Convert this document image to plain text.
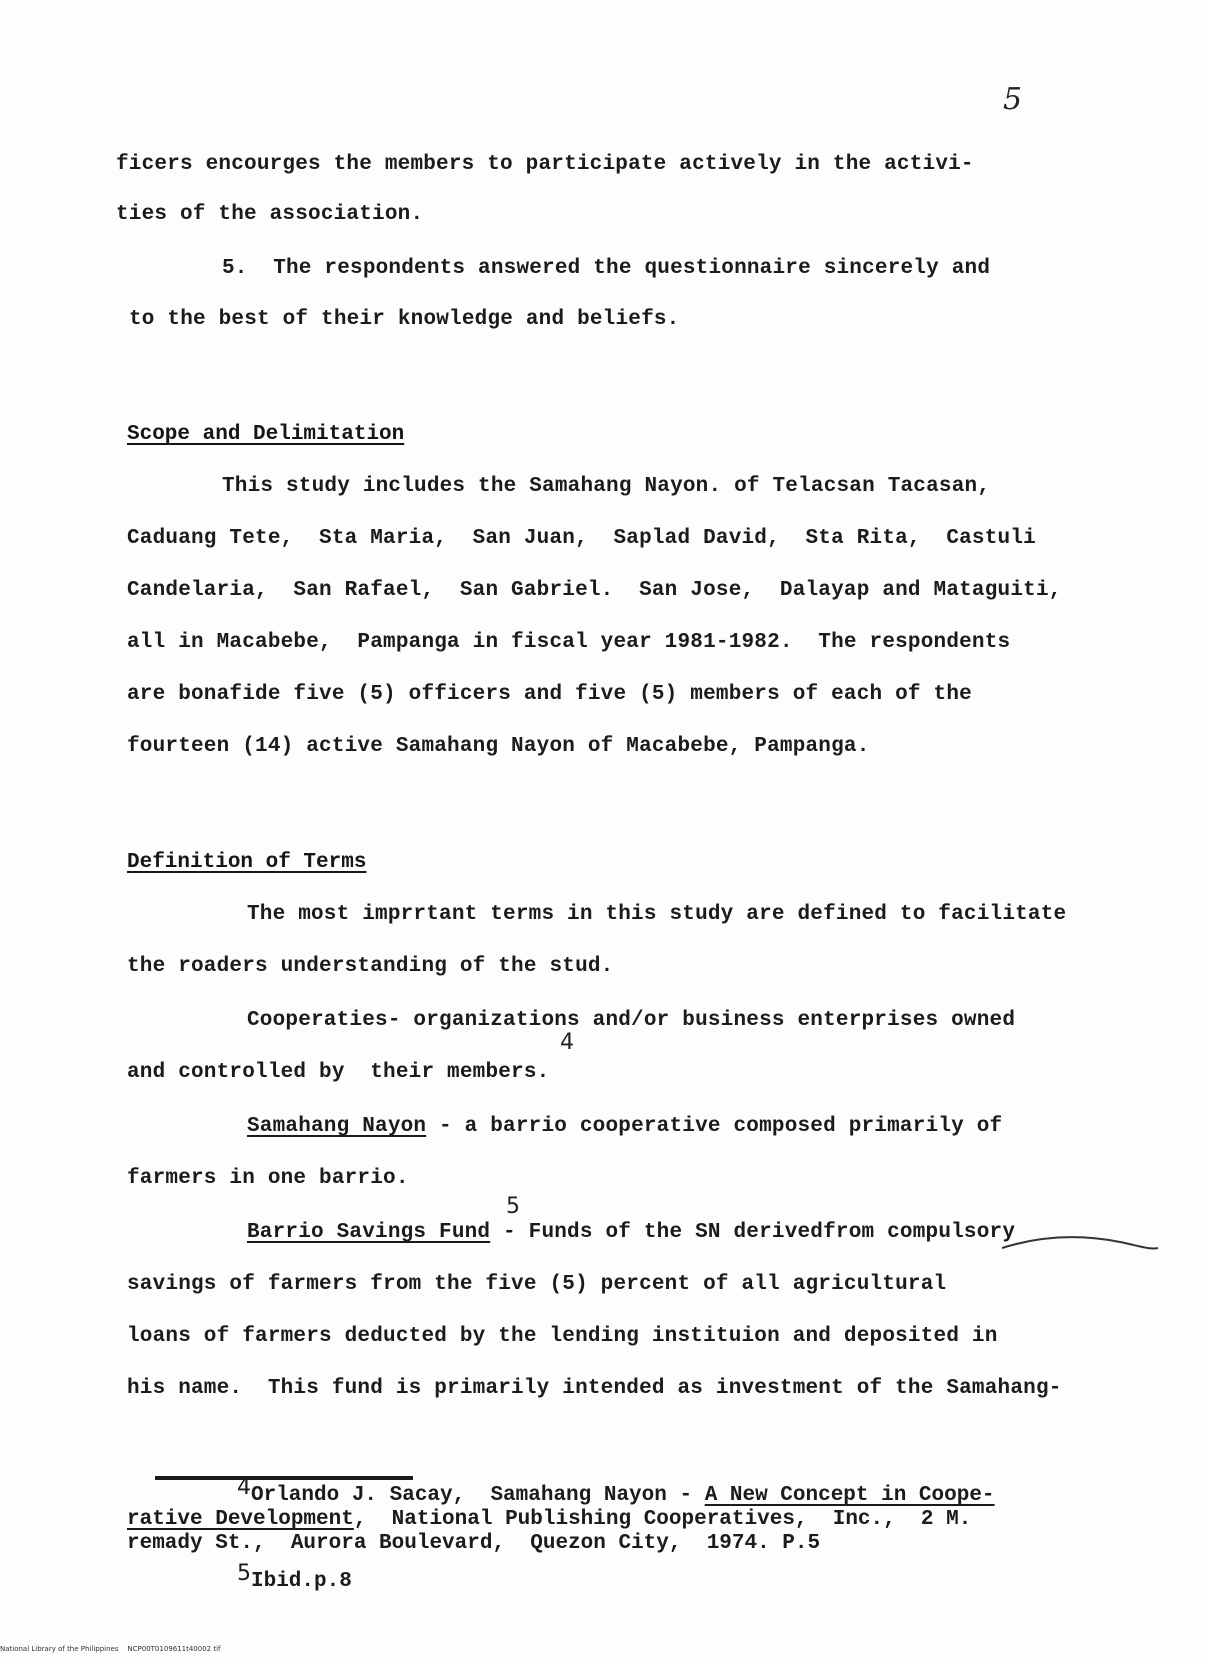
5
ficers encourges the members to participate actively in the activi-
ties of the association.
5.  The respondents answered the questionnaire sincerely and
to the best of their knowledge and beliefs.
Scope and Delimitation
This study includes the Samahang Nayon. of Telacsan Tacasan,
Caduang Tete,  Sta Maria,  San Juan,  Saplad David,  Sta Rita,  Castuli
Candelaria,  San Rafael,  San Gabriel.  San Jose,  Dalayap and Mataguiti,
all in Macabebe,  Pampanga in fiscal year 1981-1982.  The respondents
are bonafide five (5) officers and five (5) members of each of the
fourteen (14) active Samahang Nayon of Macabebe, Pampanga.
Definition of Terms
The most imprrtant terms in this study are defined to facilitate
the roaders understanding of the stud.
Cooperaties- organizations and/or business enterprises owned
and controlled by  their members.
4
Samahang Nayon - a barrio cooperative composed primarily of
farmers in one barrio.
5
Barrio Savings Fund - Funds of the SN derivedfrom compulsory
savings of farmers from the five (5) percent of all agricultural
loans of farmers deducted by the lending instituion and deposited in
his name.  This fund is primarily intended as investment of the Samahang-
4Orlando J. Sacay,  Samahang Nayon - A New Concept in Coope-
rative Development,  National Publishing Cooperatives,  Inc.,  2 M.
remady St.,  Aurora Boulevard,  Quezon City,  1974. P.5
5Ibid.p.8
National Library of the Philippines    NCP00T0109611t40002 tif
